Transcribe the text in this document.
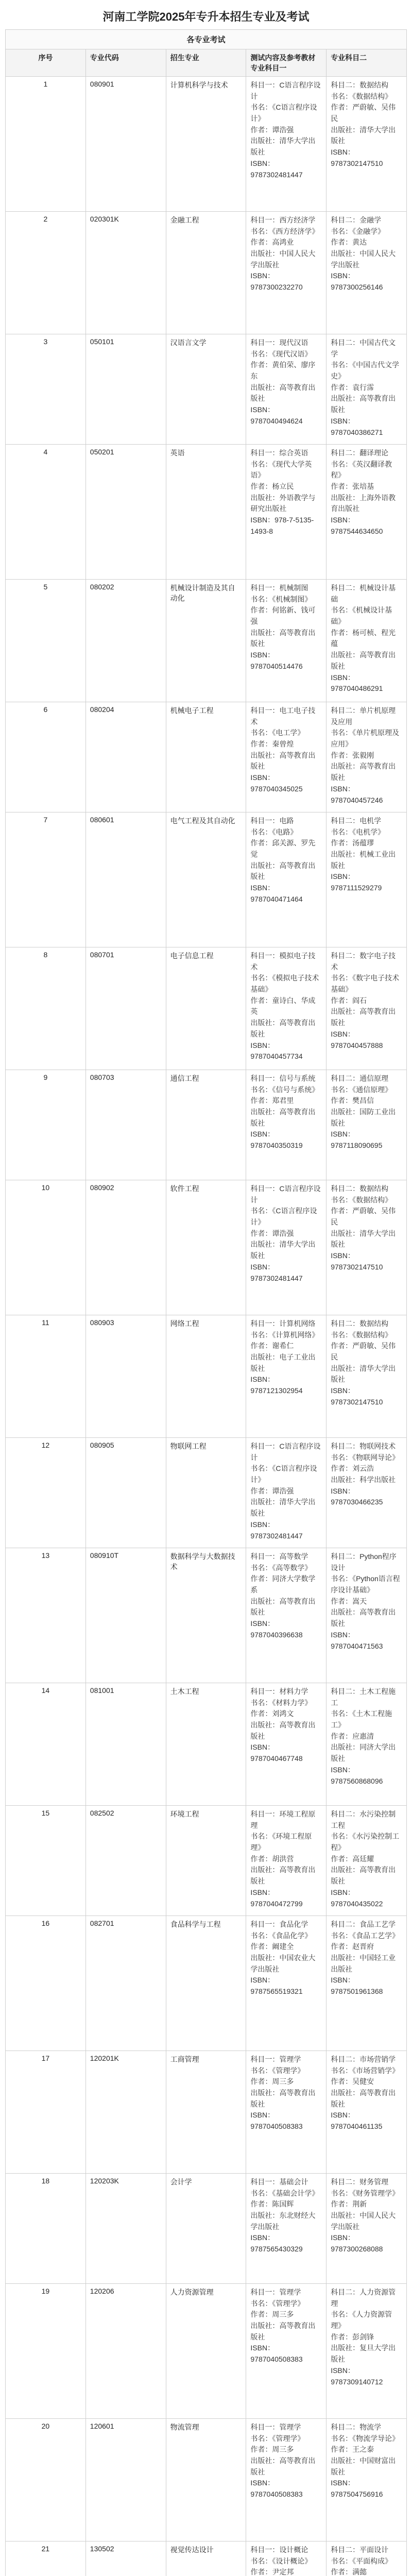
河南工学院2025年专升本招生专业及考试
各专业考试				
序号	专业代码	招生专业	测试内容及参考教材 专业科目一	专业科目二
1	080901	计算机科学与技术	科目一：C语言程序设计
书名：《C语言程序设计》
作者：谭浩强
出版社：清华大学出版社
ISBN：9787302481447	科目二：数据结构
书名：《数据结构》
作者：严蔚敏、吴伟民
出版社：清华大学出版社
ISBN：9787302147510
2	020301K	金融工程	科目一：西方经济学
书名：《西方经济学》
作者：高鸿业
出版社：中国人民大学出版社
ISBN：9787300232270	科目二：金融学
书名：《金融学》
作者：黄达
出版社：中国人民大学出版社
ISBN：9787300256146
3	050101	汉语言文学	科目一：现代汉语
书名：《现代汉语》
作者：黄伯荣、廖序东
出版社：高等教育出版社
ISBN：9787040494624	科目二：中国古代文学
书名：《中国古代文学史》
作者：袁行霈
出版社：高等教育出版社
ISBN：9787040386271
4	050201	英语	科目一：综合英语
书名：《现代大学英语》
作者：杨立民
出版社：外语教学与研究出版社
ISBN：978-7-5135-1493-8	科目二：翻译理论
书名：《英汉翻译教程》
作者：张培基
出版社：上海外语教育出版社
ISBN：9787544634650
5	080202	机械设计制造及其自动化	科目一：机械制图
书名：《机械制图》
作者：何铭新、钱可强
出版社：高等教育出版社
ISBN：9787040514476	科目二：机械设计基础
书名：《机械设计基础》
作者：杨可桢、程光蕴
出版社：高等教育出版社
ISBN：9787040486291
6	080204	机械电子工程	科目一：电工电子技术
书名：《电工学》
作者：秦曾煌
出版社：高等教育出版社
ISBN：9787040345025	科目二：单片机原理及应用
书名：《单片机原理及应用》
作者：张毅刚
出版社：高等教育出版社
ISBN：9787040457246
7	080601	电气工程及其自动化	科目一：电路
书名：《电路》
作者：邱关源、罗先觉
出版社：高等教育出版社
ISBN：9787040471464	科目二：电机学
书名：《电机学》
作者：汤蕴璆
出版社：机械工业出版社
ISBN：9787111529279
8	080701	电子信息工程	科目一：模拟电子技术
书名：《模拟电子技术基础》
作者：童诗白、华成英
出版社：高等教育出版社
ISBN：9787040457734	科目二：数字电子技术
书名：《数字电子技术基础》
作者：阎石
出版社：高等教育出版社
ISBN：9787040457888
9	080703	通信工程	科目一：信号与系统
书名：《信号与系统》
作者：郑君里
出版社：高等教育出版社
ISBN：9787040350319	科目二：通信原理
书名：《通信原理》
作者：樊昌信
出版社：国防工业出版社
ISBN：9787118090695
10	080902	软件工程	科目一：C语言程序设计
书名：《C语言程序设计》
作者：谭浩强
出版社：清华大学出版社
ISBN：9787302481447	科目二：数据结构
书名：《数据结构》
作者：严蔚敏、吴伟民
出版社：清华大学出版社
ISBN：9787302147510
11	080903	网络工程	科目一：计算机网络
书名：《计算机网络》
作者：谢希仁
出版社：电子工业出版社
ISBN：9787121302954	科目二：数据结构
书名：《数据结构》
作者：严蔚敏、吴伟民
出版社：清华大学出版社
ISBN：9787302147510
12	080905	物联网工程	科目一：C语言程序设计
书名：《C语言程序设计》
作者：谭浩强
出版社：清华大学出版社
ISBN：9787302481447	科目二：物联网技术
书名：《物联网导论》
作者：刘云浩
出版社：科学出版社
ISBN：9787030466235
13	080910T	数据科学与大数据技术	科目一：高等数学
书名：《高等数学》
作者：同济大学数学系
出版社：高等教育出版社
ISBN：9787040396638	科目二：Python程序设计
书名：《Python语言程序设计基础》
作者：嵩天
出版社：高等教育出版社
ISBN：9787040471563
14	081001	土木工程	科目一：材料力学
书名：《材料力学》
作者：刘鸿文
出版社：高等教育出版社
ISBN：9787040467748	科目二：土木工程施工
书名：《土木工程施工》
作者：应惠清
出版社：同济大学出版社
ISBN：9787560868096
15	082502	环境工程	科目一：环境工程原理
书名：《环境工程原理》
作者：胡洪营
出版社：高等教育出版社
ISBN：9787040472799	科目二：水污染控制工程
书名：《水污染控制工程》
作者：高廷耀
出版社：高等教育出版社
ISBN：9787040435022
16	082701	食品科学与工程	科目一：食品化学
书名：《食品化学》
作者：阚建全
出版社：中国农业大学出版社
ISBN：9787565519321	科目二：食品工艺学
书名：《食品工艺学》
作者：赵晋府
出版社：中国轻工业出版社
ISBN：9787501961368
17	120201K	工商管理	科目一：管理学
书名：《管理学》
作者：周三多
出版社：高等教育出版社
ISBN：9787040508383	科目二：市场营销学
书名：《市场营销学》
作者：吴健安
出版社：高等教育出版社
ISBN：9787040461135
18	120203K	会计学	科目一：基础会计
书名：《基础会计学》
作者：陈国辉
出版社：东北财经大学出版社
ISBN：9787565430329	科目二：财务管理
书名：《财务管理学》
作者：荆新
出版社：中国人民大学出版社
ISBN：9787300268088
19	120206	人力资源管理	科目一：管理学
书名：《管理学》
作者：周三多
出版社：高等教育出版社
ISBN：9787040508383	科目二：人力资源管理
书名：《人力资源管理》
作者：彭剑锋
出版社：复旦大学出版社
ISBN：9787309140712
20	120601	物流管理	科目一：管理学
书名：《管理学》
作者：周三多
出版社：高等教育出版社
ISBN：9787040508383	科目二：物流学
书名：《物流学导论》
作者：王之泰
出版社：中国财富出版社
ISBN：9787504756916
21	130502	视觉传达设计	科目一：设计概论
书名：《设计概论》
作者：尹定邦	科目二：平面设计
书名：《平面构成》
作者：满懿
